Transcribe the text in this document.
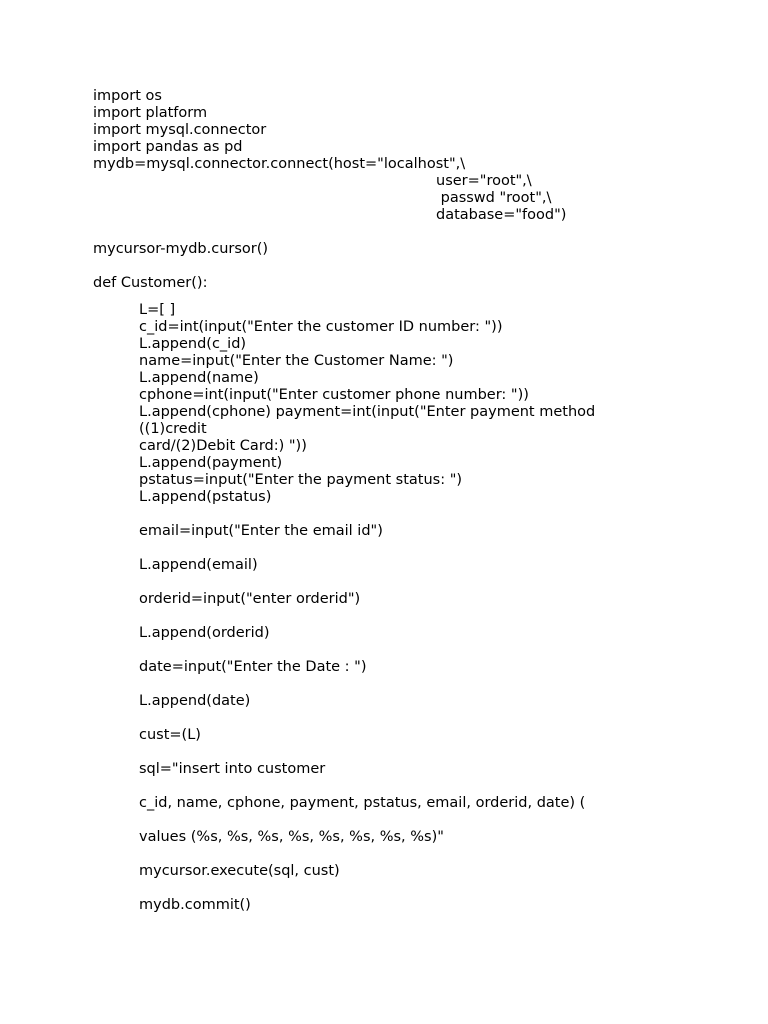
import os

import platform

import mysql.connector

import pandas as pd

mydb=mysql.connector.connect(host="localhost",\

user="root",\

passwd "root",\

database="food")

mycursor-mydb.cursor()

def Customer():

L=[ ]

c_id=int(input("Enter the customer ID number: "))

L.append(c_id)

name=input("Enter the Customer Name: ")

L.append(name)

cphone=int(input("Enter customer phone number: "))

L.append(cphone) payment=int(input("Enter payment method

((1)credit

card/(2)Debit Card:) "))

L.append(payment)

pstatus=input("Enter the payment status: ")

L.append(pstatus)

email=input("Enter the email id")

L.append(email)

orderid=input("enter orderid")

L.append(orderid)

date=input("Enter the Date : ")

L.append(date)

cust=(L)

sql="insert into customer

c_id, name, cphone, payment, pstatus, email, orderid, date) (

values (%s, %s, %s, %s, %s, %s, %s, %s)"

mycursor.execute(sql, cust)

mydb.commit()
